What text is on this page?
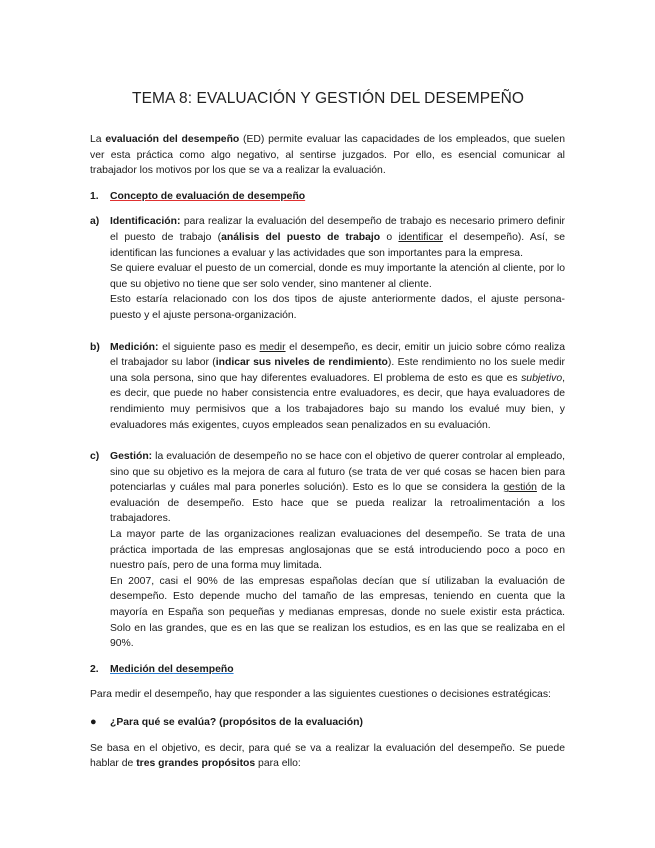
TEMA 8: EVALUACIÓN Y GESTIÓN DEL DESEMPEÑO

La evaluación del desempeño (ED) permite evaluar las capacidades de los empleados, que suelen ver esta práctica como algo negativo, al sentirse juzgados. Por ello, es esencial comunicar al trabajador los motivos por los que se va a realizar la evaluación.

1.	Concepto de evaluación de desempeño
a)	Identificación: para realizar la evaluación del desempeño de trabajo es necesario primero definir el puesto de trabajo (análisis del puesto de trabajo o identificar el desempeño). Así, se identifican las funciones a evaluar y las actividades que son importantes para la empresa.

Se quiere evaluar el puesto de un comercial, donde es muy importante la atención al cliente, por lo que su objetivo no tiene que ser solo vender, sino mantener al cliente.

Esto estaría relacionado con los dos tipos de ajuste anteriormente dados, el ajuste persona-puesto y el ajuste persona-organización.

b) Medición: el siguiente paso es medir el desempeño, es decir, emitir un juicio sobre cómo realiza el trabajador su labor (indicar sus niveles de rendimiento). Este rendimiento no los suele medir una sola persona, sino que hay diferentes evaluadores. El problema de esto es que es subjetivo, es decir, que puede no haber consistencia entre evaluadores, es decir, que haya evaluadores de rendimiento muy permisivos que a los trabajadores bajo su mando los evalué muy bien, y evaluadores más exigentes, cuyos empleados sean penalizados en su evaluación.

c)	Gestión: la evaluación de desempeño no se hace con el objetivo de querer controlar al empleado, sino que su objetivo es la mejora de cara al futuro (se trata de ver qué cosas se hacen bien para potenciarlas y cuáles mal para ponerles solución). Esto es lo que se considera la gestión de la evaluación de desempeño. Esto hace que se pueda realizar la retroalimentación a los trabajadores.

La mayor parte de las organizaciones realizan evaluaciones del desempeño. Se trata de una práctica importada de las empresas anglosajonas que se está introduciendo poco a poco en nuestro país, pero de una forma muy limitada.

En 2007, casi el 90% de las empresas españolas decían que sí utilizaban la evaluación de desempeño. Esto depende mucho del tamaño de las empresas, teniendo en cuenta que la mayoría en España son pequeñas y medianas empresas, donde no suele existir esta práctica. Solo en las grandes, que es en las que se realizan los estudios, es en las que se realizaba en el 90%.

2.	Medición del desempeño

Para medir el desempeño, hay que responder a las siguientes cuestiones o decisiones estratégicas:

●	¿Para qué se evalúa? (propósitos de la evaluación)

Se basa en el objetivo, es decir, para qué se va a realizar la evaluación del desempeño. Se puede hablar de tres grandes propósitos para ello:
